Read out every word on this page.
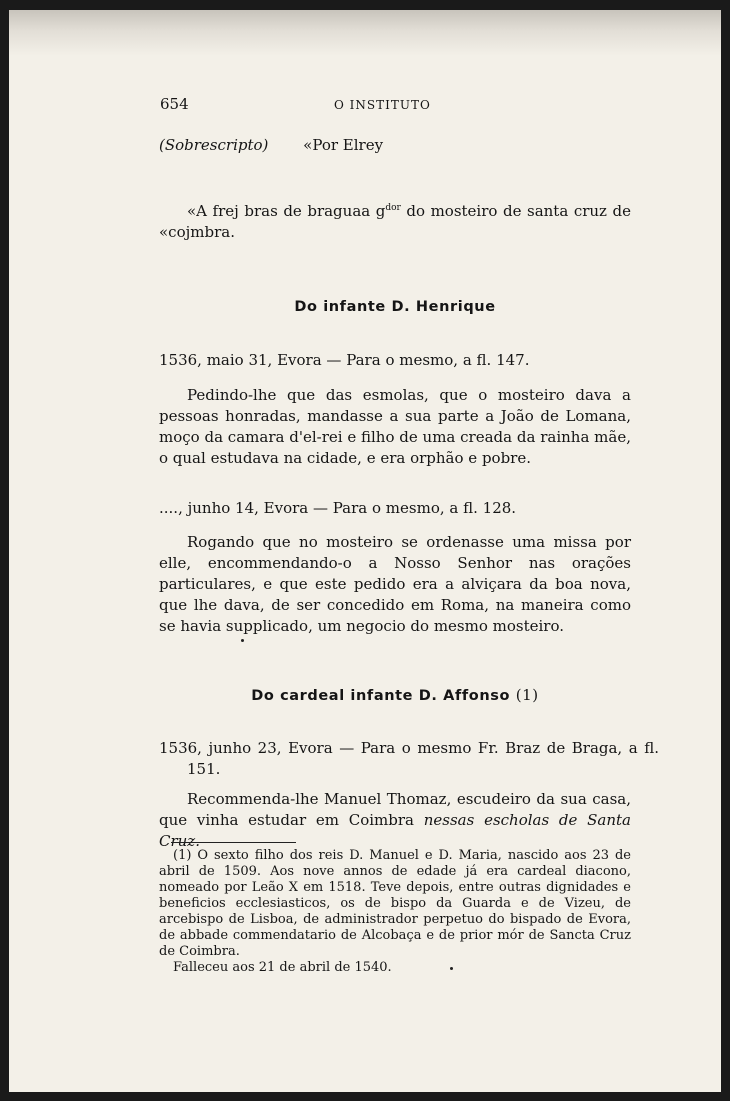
654	O INSTITUTO
(Sobrescripto) «Por Elrey
«A frej bras de braguaa $g^{dor}$ do mosteiro de santa cruz de «cojmbra.
Do infante D. Henrique
1536, maio 31, Evora — Para o mesmo, a fl. 147.
Pedindo-lhe que das esmolas, que o mosteiro dava a pessoas honradas, mandasse a sua parte a João de Lomana, moço da camara d'el-rei e filho de uma creada da rainha mãe, o qual estudava na cidade, e era orphão e pobre.
...., junho 14, Evora — Para o mesmo, a fl. 128.
Rogando que no mosteiro se ordenasse uma missa por elle, encommendando-o a Nosso Senhor nas orações particulares, e que este pedido era a alviçara da boa nova, que lhe dava, de ser concedido em Roma, na maneira como se havia supplicado, um negocio do mesmo mosteiro.
Do cardeal infante D. Affonso (1)
1536, junho 23, Evora — Para o mesmo Fr. Braz de Braga, a fl. 151.
Recommenda-lhe Manuel Thomaz, escudeiro da sua casa, que vinha estudar em Coimbra nessas escholas de Santa Cruz.
(1) O sexto filho dos reis D. Manuel e D. Maria, nascido aos 23 de abril de 1509. Aos nove annos de edade já era cardeal diacono, nomeado por Leão X em 1518. Teve depois, entre outras dignidades e beneficios ecclesiasticos, os de bispo da Guarda e de Vizeu, de arcebispo de Lisboa, de administrador perpetuo do bispado de Evora, de abbade commendatario de Alcobaça e de prior mór de Sancta Cruz de Coimbra.
Falleceu aos 21 de abril de 1540.
